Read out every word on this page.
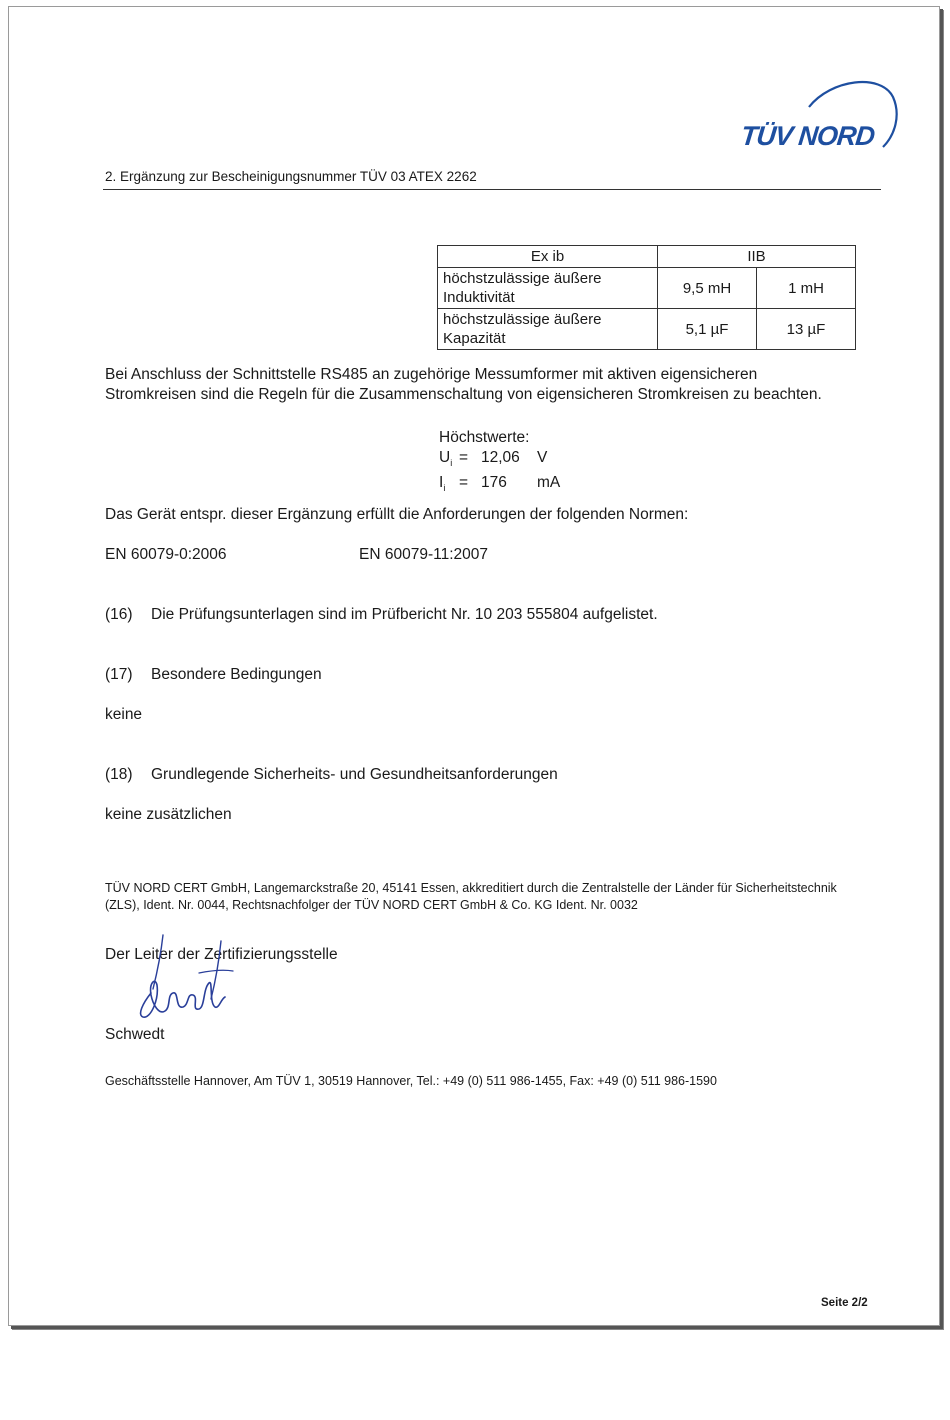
TÜV NORD
2. Ergänzung zur Bescheinigungsnummer TÜV 03 ATEX 2262
Ex ib	IIB	
höchstzulässige äußere Induktivität	9,5 mH	1 mH
höchstzulässige äußere Kapazität	5,1 µF	13 µF
Bei Anschluss der Schnittstelle RS485 an zugehörige Messumformer mit aktiven eigensicheren Stromkreisen sind die Regeln für die Zusammenschaltung von eigensicheren Stromkreisen zu beachten.
Höchstwerte:
$U_i = 12,06$ V
$I_i = 176$ mA
Das Gerät entspr. dieser Ergänzung erfüllt die Anforderungen der folgenden Normen:
EN 60079-0:2006	EN 60079-11:2007
(16) Die Prüfungsunterlagen sind im Prüfbericht Nr. 10 203 555804 aufgelistet.
(17) Besondere Bedingungen
keine
(18) Grundlegende Sicherheits- und Gesundheitsanforderungen
keine zusätzlichen
TÜV NORD CERT GmbH, Langemarckstraße 20, 45141 Essen, akkreditiert durch die Zentralstelle der Länder für Sicherheitstechnik (ZLS), Ident. Nr. 0044, Rechtsnachfolger der TÜV NORD CERT GmbH & Co. KG Ident. Nr. 0032
Der Leiter der Zertifizierungsstelle
Schwedt
Geschäftsstelle Hannover, Am TÜV 1, 30519 Hannover, Tel.: +49 (0) 511 986-1455, Fax: +49 (0) 511 986-1590
Seite 2/2
